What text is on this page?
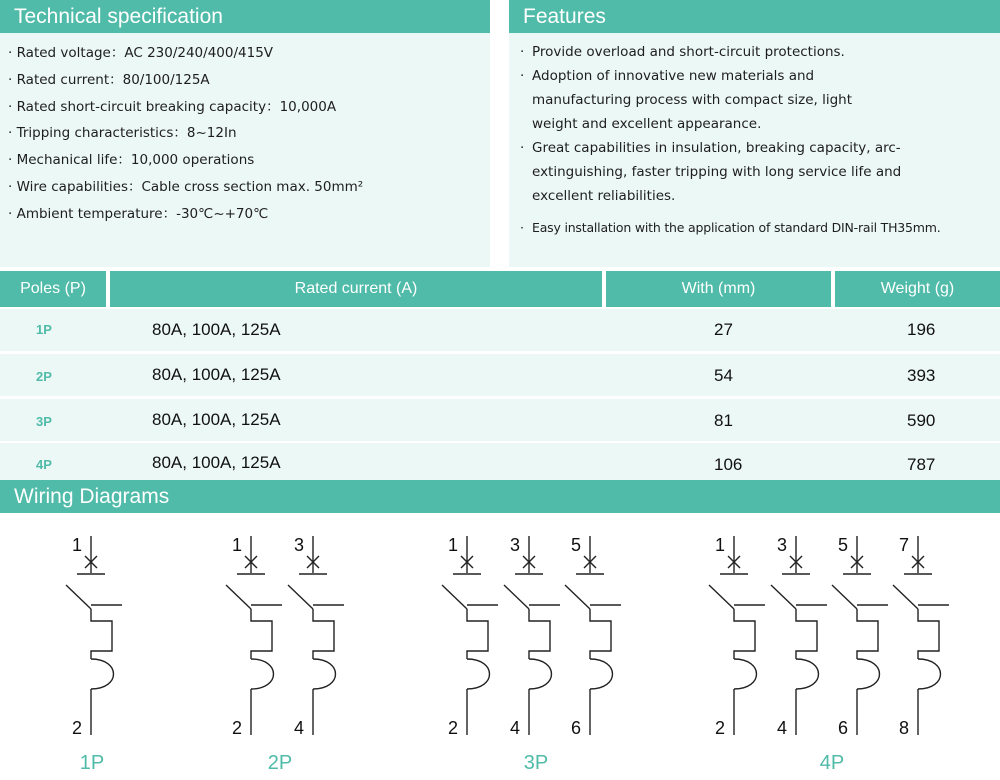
Technical specification
· Rated voltage：AC 230/240/400/415V
· Rated current：80/100/125A
· Rated short-circuit breaking capacity：10,000A
· Tripping characteristics：8~12In
· Mechanical life：10,000 operations
· Wire capabilities：Cable cross section max. 50mm²
· Ambient temperature：-30℃~+70℃
Features
· Provide overload and short-circuit protections.
· Adoption of innovative new materials and manufacturing process with compact size, light weight and excellent appearance.
· Great capabilities in insulation, breaking capacity, arc-extinguishing, faster tripping with long service life and excellent reliabilities.
· Easy installation with the application of standard DIN-rail TH35mm.
Poles (P)	Rated current (A)	With (mm)	Weight (g)
1P	80A, 100A, 125A	27	196
2P	80A, 100A, 125A	54	393
3P	80A, 100A, 125A	81	590
4P	80A, 100A, 125A	106	787
Wiring Diagrams
1
2
1
2
3
4
1
2
3
4
5
6
1
2
3
4
5
6
7
8
1P	2P	3P	4P
